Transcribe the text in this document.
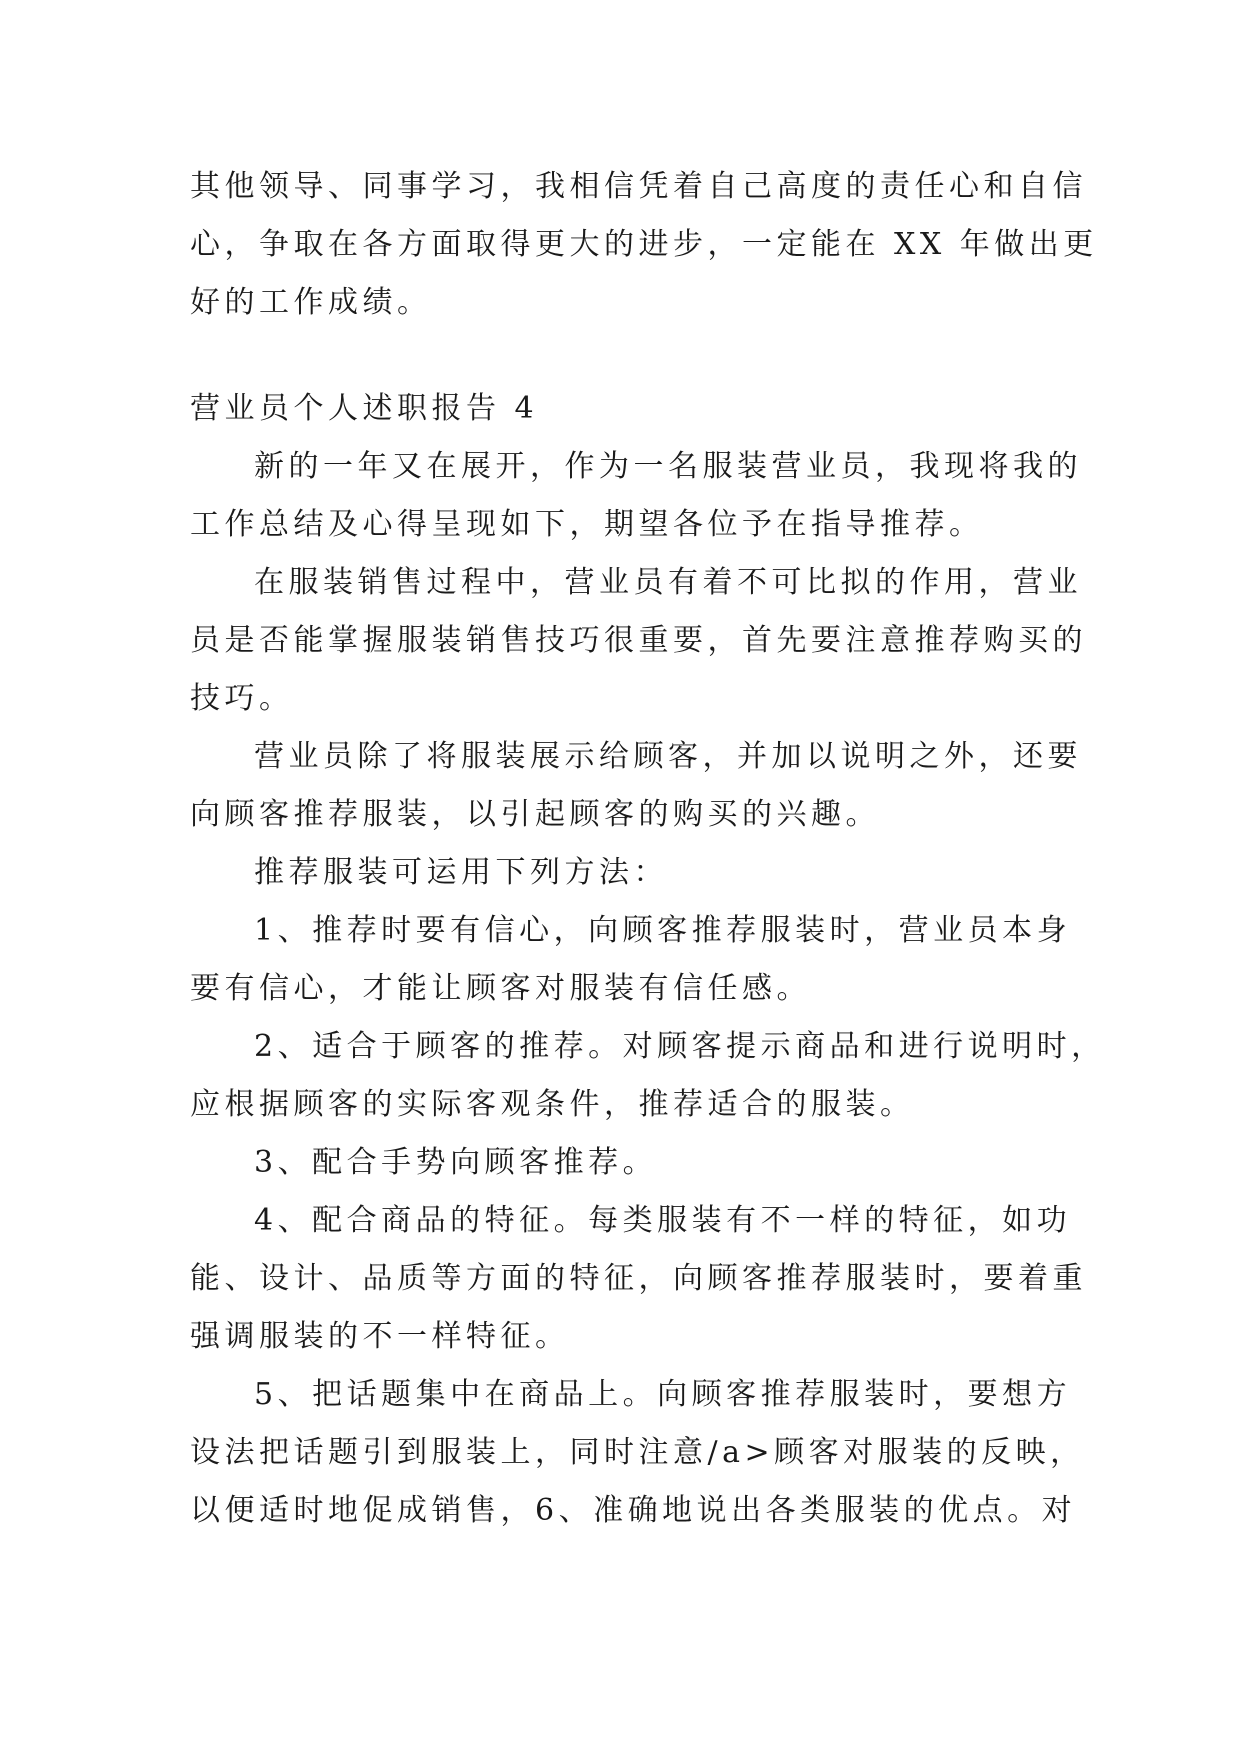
其他领导、同事学习，我相信凭着自己高度的责任心和自信
心，争取在各方面取得更大的进步，一定能在 XX 年做出更
好的工作成绩。
营业员个人述职报告 4
新的一年又在展开，作为一名服装营业员，我现将我的
工作总结及心得呈现如下，期望各位予在指导推荐。
在服装销售过程中，营业员有着不可比拟的作用，营业
员是否能掌握服装销售技巧很重要，首先要注意推荐购买的
技巧。
营业员除了将服装展示给顾客，并加以说明之外，还要
向顾客推荐服装，以引起顾客的购买的兴趣。
推荐服装可运用下列方法：
1、推荐时要有信心，向顾客推荐服装时，营业员本身
要有信心，才能让顾客对服装有信任感。
2、适合于顾客的推荐。对顾客提示商品和进行说明时，
应根据顾客的实际客观条件，推荐适合的服装。
3、配合手势向顾客推荐。
4、配合商品的特征。每类服装有不一样的特征，如功
能、设计、品质等方面的特征，向顾客推荐服装时，要着重
强调服装的不一样特征。
5、把话题集中在商品上。向顾客推荐服装时，要想方
设法把话题引到服装上，同时注意/a>顾客对服装的反映，
以便适时地促成销售，6、准确地说出各类服装的优点。对
